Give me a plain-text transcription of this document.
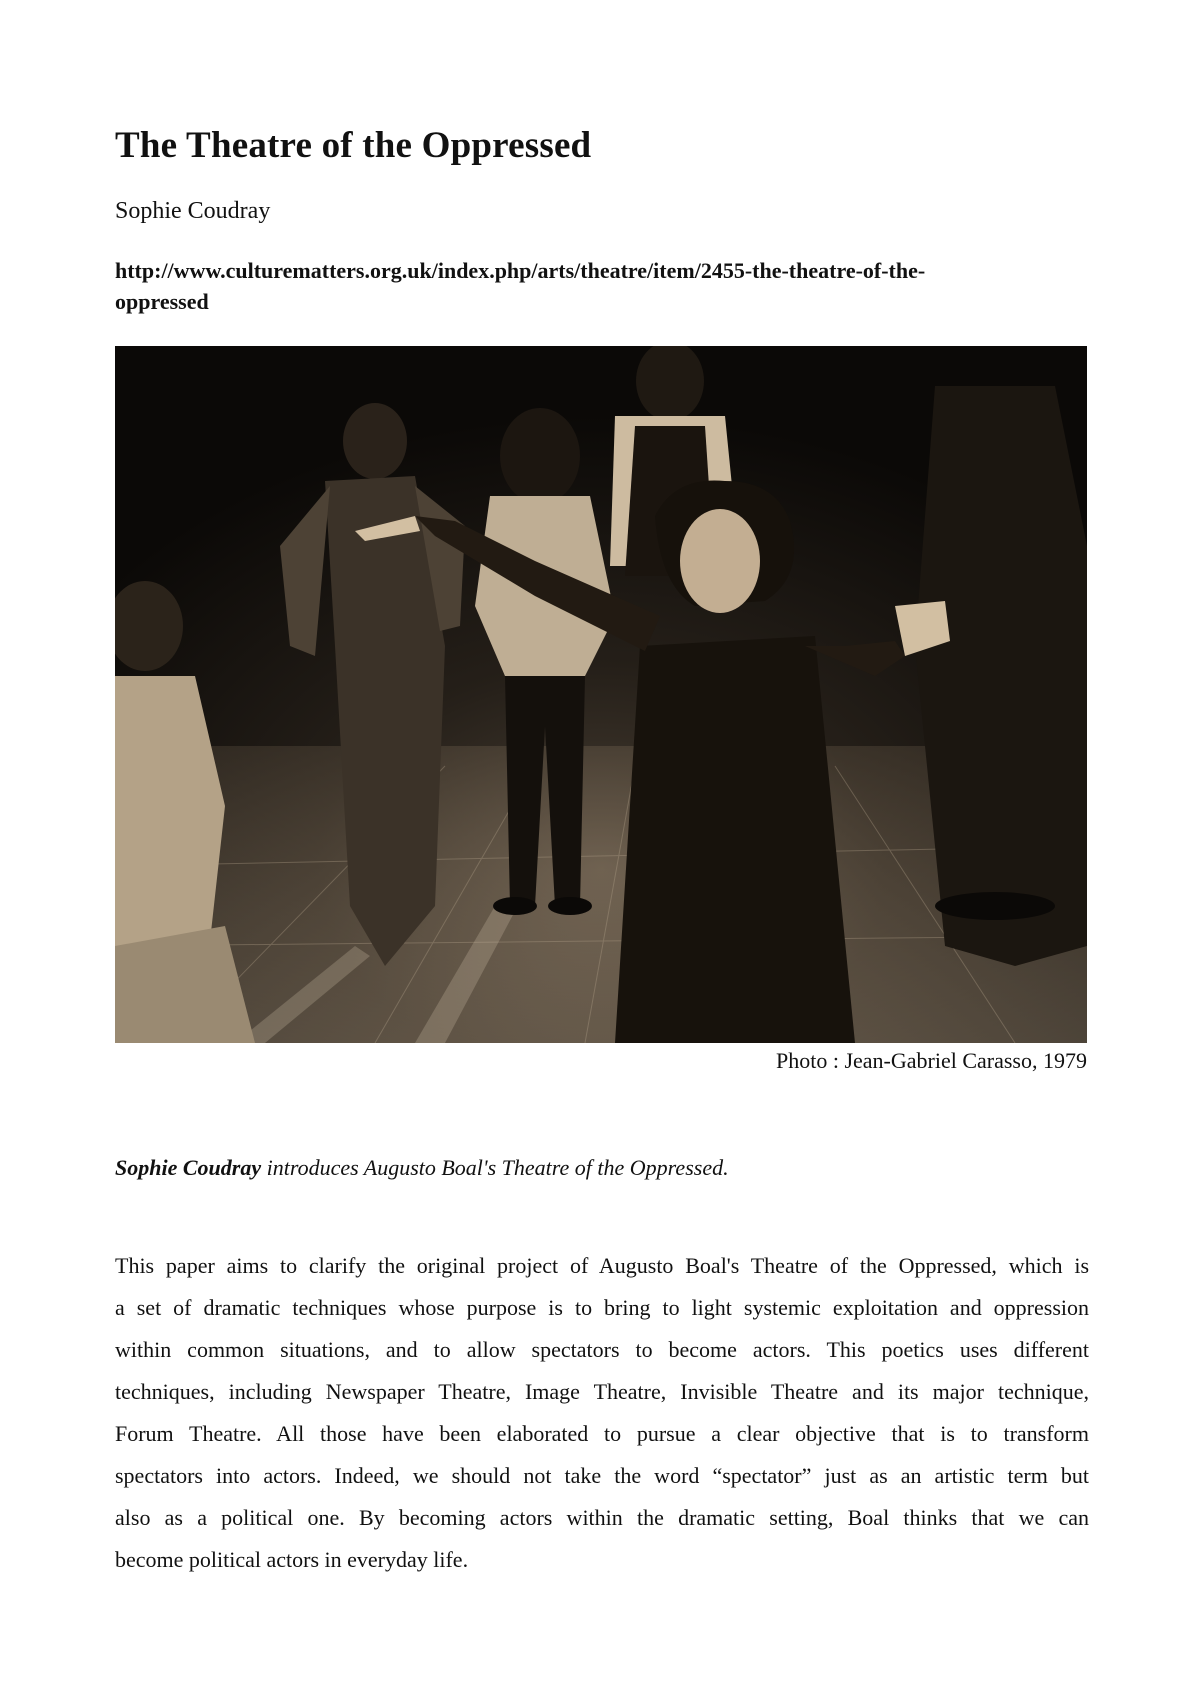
The Theatre of the Oppressed
Sophie Coudray
http://www.culturematters.org.uk/index.php/arts/theatre/item/2455-the-theatre-of-the-
oppressed
Photo : Jean-Gabriel Carasso, 1979
Sophie Coudray introduces Augusto Boal's Theatre of the Oppressed.
This paper aims to clarify the original project of Augusto Boal's Theatre of the Oppressed, which is
a set of dramatic techniques whose purpose is to bring to light systemic exploitation and oppression
within common situations, and to allow spectators to become actors. This poetics uses different
techniques, including Newspaper Theatre, Image Theatre, Invisible Theatre and its major technique,
Forum Theatre. All those have been elaborated to pursue a clear objective that is to transform
spectators into actors. Indeed, we should not take the word “spectator” just as an artistic term but
also as a political one. By becoming actors within the dramatic setting, Boal thinks that we can
become political actors in everyday life.
